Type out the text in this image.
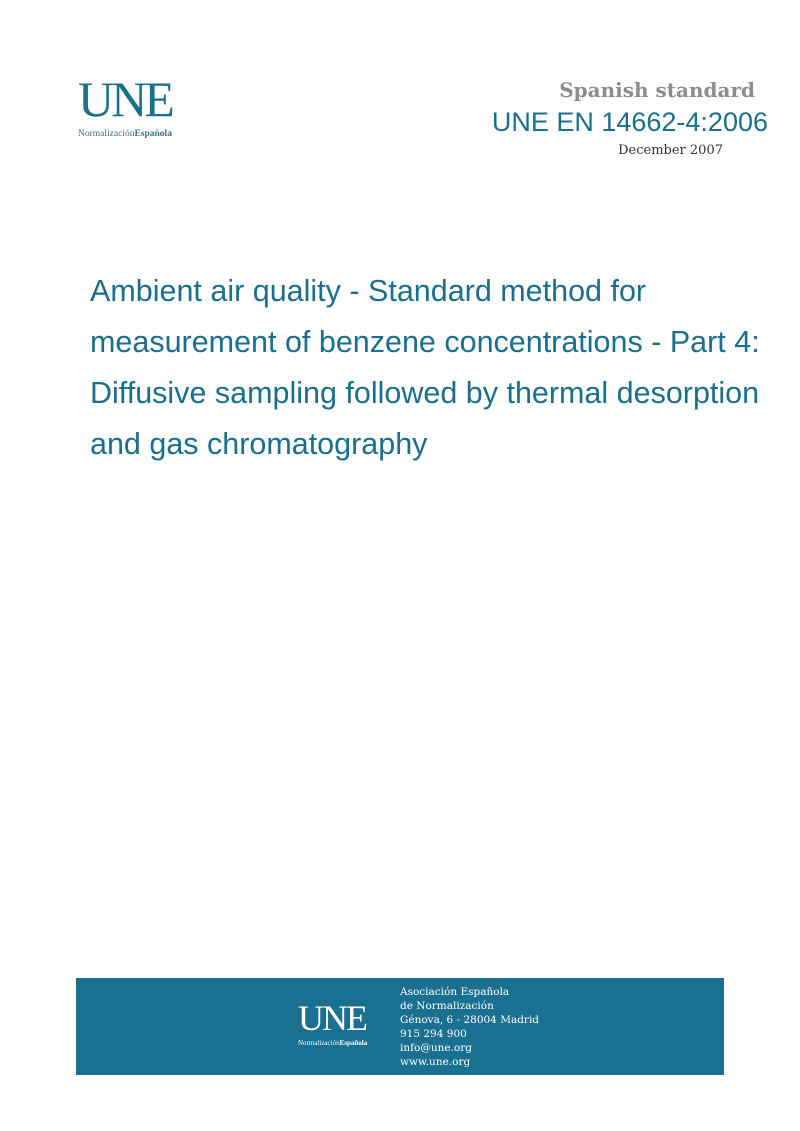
UNE
NormalizaciónEspañola
Spanish standard
UNE EN 14662-4:2006
December 2007
Ambient air quality - Standard method for measurement of benzene concentrations - Part 4: Diffusive sampling followed by thermal desorption and gas chromatography
UNE
NormalizaciónEspañola
Asociación Española
de Normalización
Génova, 6 - 28004 Madrid
915 294 900
info@une.org
www.une.org
